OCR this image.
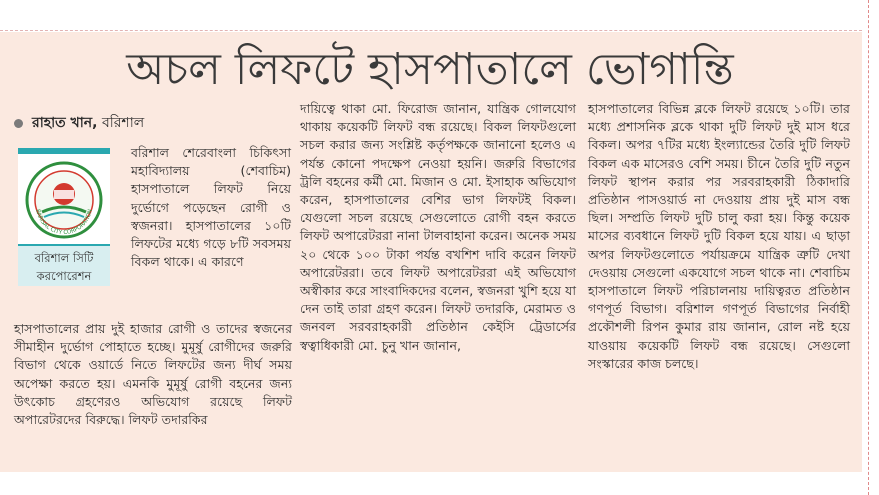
অচল লিফটে হাসপাতালে ভোগান্তি
রাহাত খান, বরিশাল
BARISAL CITY CORPORATION
বরিশাল সিটি
করপোরেশন

বরিশাল শেরেবাংলা চিকিৎসা মহাবিদ্যালয় (শেবাচিম) হাসপাতালে লিফট নিয়ে দুর্ভোগে পড়েছেন রোগী ও স্বজনরা। হাসপাতালের ১০টি লিফটের মধ্যে গড়ে ৮টি সবসময় বিকল থাকে। এ কারণে

হাসপাতালের প্রায় দুই হাজার রোগী ও তাদের স্বজনের সীমাহীন দুর্ভোগ পোহাতে হচ্ছে। মুমূর্ষু রোগীদের জরুরি বিভাগ থেকে ওয়ার্ডে নিতে লিফটের জন্য দীর্ঘ সময় অপেক্ষা করতে হয়। এমনকি মুমূর্ষু রোগী বহনের জন্য উৎকোচ গ্রহণেরও অভিযোগ রয়েছে লিফট অপারেটরদের বিরুদ্ধে। লিফট তদারকির

দায়িত্বে থাকা মো. ফিরোজ জানান, যান্ত্রিক গোলযোগ থাকায় কয়েকটি লিফট বন্ধ রয়েছে। বিকল লিফটগুলো সচল করার জন্য সংশ্লিষ্ট কর্তৃপক্ষকে জানানো হলেও এ পর্যন্ত কোনো পদক্ষেপ নেওয়া হয়নি। জরুরি বিভাগের ট্রলি বহনের কর্মী মো. মিজান ও মো. ইসাহাক অভিযোগ করেন, হাসপাতালের বেশির ভাগ লিফটই বিকল। যেগুলো সচল রয়েছে সেগুলোতে রোগী বহন করতে লিফট অপারেটররা নানা টালবাহানা করেন। অনেক সময় ২০ থেকে ১০০ টাকা পর্যন্ত বখশিশ দাবি করেন লিফট অপারেটররা। তবে লিফট অপারেটররা এই অভিযোগ অস্বীকার করে সাংবাদিকদের বলেন, স্বজনরা খুশি হয়ে যা দেন তাই তারা গ্রহণ করেন। লিফট তদারকি, মেরামত ও জনবল সরবরাহকারী প্রতিষ্ঠান কেইসি ট্রেডার্সের স্বত্বাধিকারী মো. চুনু খান জানান,

হাসপাতালের বিভিন্ন ব্লকে লিফট রয়েছে ১০টি। তার মধ্যে প্রশাসনিক ব্লকে থাকা দুটি লিফট দুই মাস ধরে বিকল। অপর ৭টির মধ্যে ইংল্যান্ডের তৈরি দুটি লিফট বিকল এক মাসেরও বেশি সময়। চীনে তৈরি দুটি নতুন লিফট স্থাপন করার পর সরবরাহকারী ঠিকাদারি প্রতিষ্ঠান পাসওয়ার্ড না দেওয়ায় প্রায় দুই মাস বন্ধ ছিল। সম্প্রতি লিফট দুটি চালু করা হয়। কিন্তু কয়েক মাসের ব্যবধানে লিফট দুটি বিকল হয়ে যায়। এ ছাড়া অপর লিফটগুলোতে পর্যায়ক্রমে যান্ত্রিক ত্রুটি দেখা দেওয়ায় সেগুলো একযোগে সচল থাকে না। শেবাচিম হাসপাতালে লিফট পরিচালনায় দায়িত্বরত প্রতিষ্ঠান গণপূর্ত বিভাগ। বরিশাল গণপূর্ত বিভাগের নির্বাহী প্রকৌশলী রিপন কুমার রায় জানান, রোল নষ্ট হয়ে যাওয়ায় কয়েকটি লিফট বন্ধ রয়েছে। সেগুলো সংস্কারের কাজ চলছে।
